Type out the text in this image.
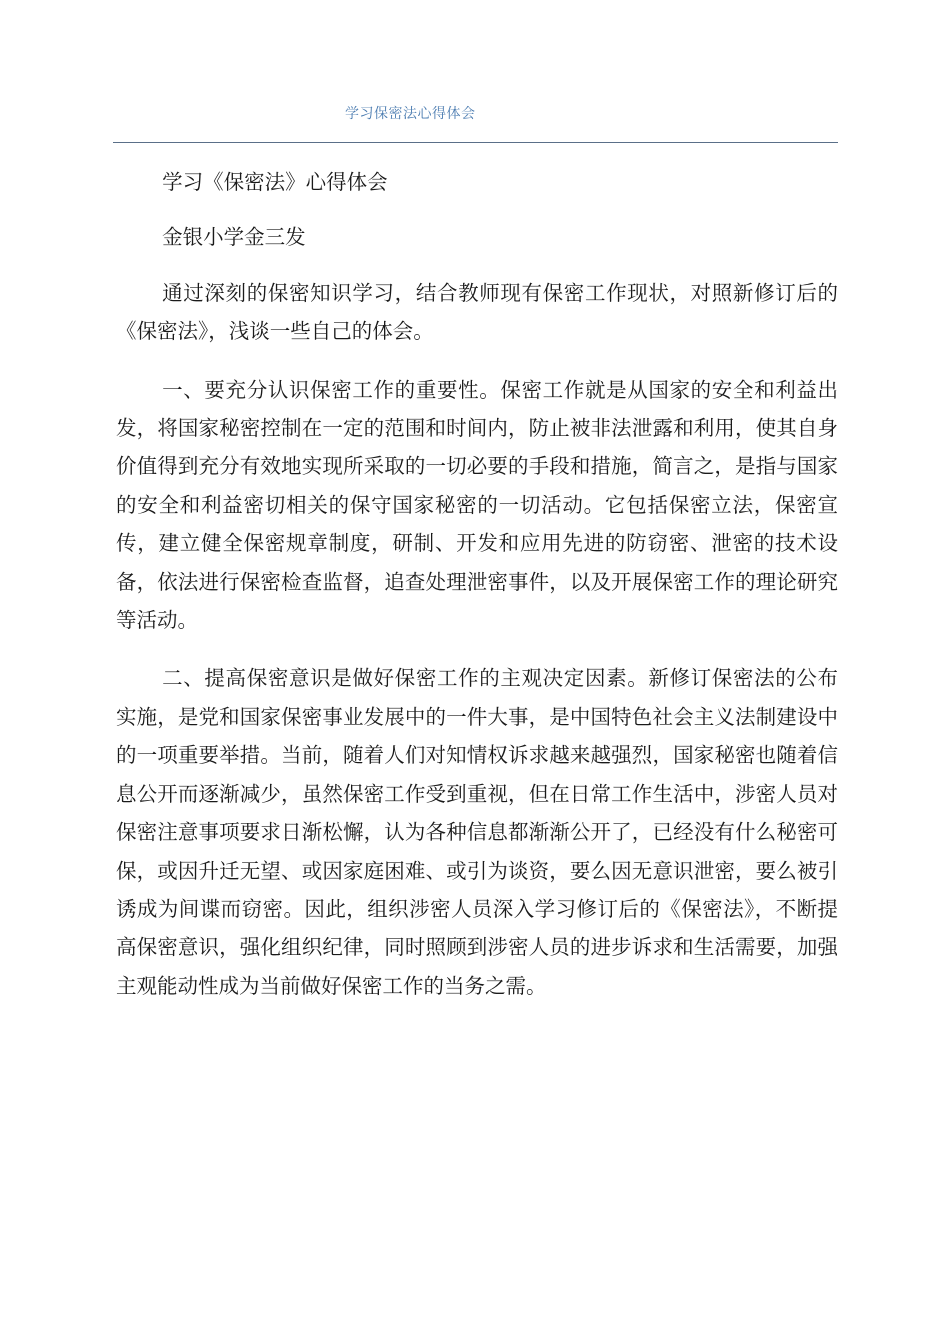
学习保密法心得体会

学习《保密法》心得体会

金银小学金三发

通过深刻的保密知识学习，结合教师现有保密工作现状，对照新修订后的《保密法》，浅谈一些自己的体会。

一、要充分认识保密工作的重要性。保密工作就是从国家的安全和利益出发，将国家秘密控制在一定的范围和时间内，防止被非法泄露和利用，使其自身价值得到充分有效地实现所采取的一切必要的手段和措施，简言之，是指与国家的安全和利益密切相关的保守国家秘密的一切活动。它包括保密立法，保密宣传，建立健全保密规章制度，研制、开发和应用先进的防窃密、泄密的技术设备，依法进行保密检查监督，追查处理泄密事件，以及开展保密工作的理论研究等活动。

二、提高保密意识是做好保密工作的主观决定因素。新修订保密法的公布实施，是党和国家保密事业发展中的一件大事，是中国特色社会主义法制建设中的一项重要举措。当前，随着人们对知情权诉求越来越强烈，国家秘密也随着信息公开而逐渐减少，虽然保密工作受到重视，但在日常工作生活中，涉密人员对保密注意事项要求日渐松懈，认为各种信息都渐渐公开了，已经没有什么秘密可保，或因升迁无望、或因家庭困难、或引为谈资，要么因无意识泄密，要么被引诱成为间谍而窃密。因此，组织涉密人员深入学习修订后的《保密法》，不断提高保密意识，强化组织纪律，同时照顾到涉密人员的进步诉求和生活需要，加强主观能动性成为当前做好保密工作的当务之需。
